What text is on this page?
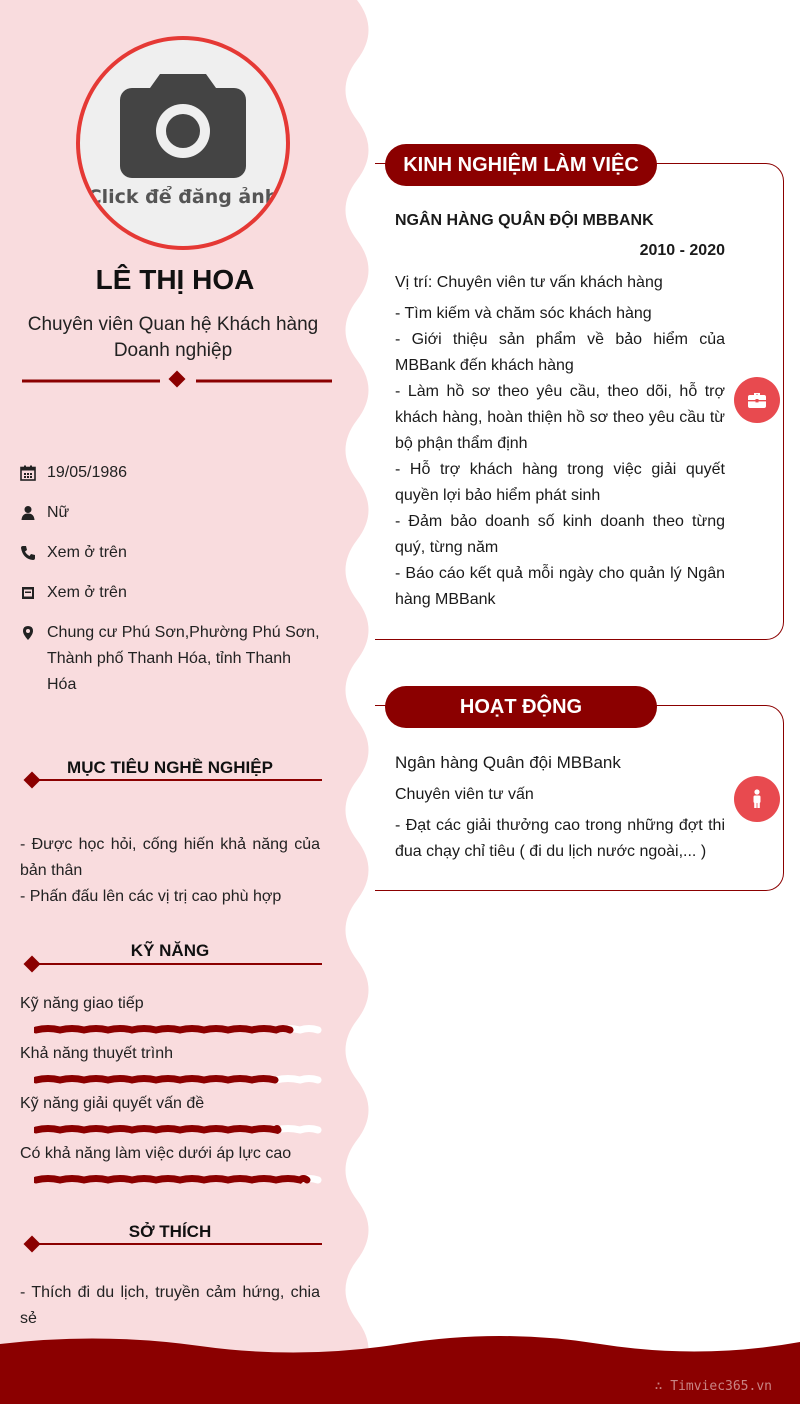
∴ Timviec365.vn
Click để đăng ảnh
LÊ THỊ HOA
Chuyên viên Quan hệ Khách hàng Doanh nghiệp
19/05/1986
Nữ
Xem ở trên
Xem ở trên
Chung cư Phú Sơn,Phường Phú Sơn, Thành phố Thanh Hóa, tỉnh Thanh Hóa
MỤC TIÊU NGHỀ NGHIỆP
- Được học hỏi, cống hiến khả năng của bản thân
- Phấn đấu lên các vị trị cao phù hợp
KỸ NĂNG
Kỹ năng giao tiếp
Khả năng thuyết trình
Kỹ năng giải quyết vấn đề
Có khả năng làm việc dưới áp lực cao
SỞ THÍCH
- Thích đi du lịch, truyền cảm hứng, chia sẻ
KINH NGHIỆM LÀM VIỆC
NGÂN HÀNG QUÂN ĐỘI MBBANK
2010 - 2020
Vị trí: Chuyên viên tư vấn khách hàng
- Tìm kiếm và chăm sóc khách hàng
- Giới thiệu sản phẩm về bảo hiểm của MBBank đến khách hàng
- Làm hồ sơ theo yêu cầu, theo dõi, hỗ trợ khách hàng, hoàn thiện hồ sơ theo yêu cầu từ bộ phận thẩm định
- Hỗ trợ khách hàng trong việc giải quyết quyền lợi bảo hiểm phát sinh
- Đảm bảo doanh số kinh doanh theo từng quý, từng năm
- Báo cáo kết quả mỗi ngày cho quản lý Ngân hàng MBBank
HOẠT ĐỘNG
Ngân hàng Quân đội MBBank
Chuyên viên tư vấn
- Đạt các giải thưởng cao trong những đợt thi đua chạy chỉ tiêu ( đi du lịch nước ngoài,... )
